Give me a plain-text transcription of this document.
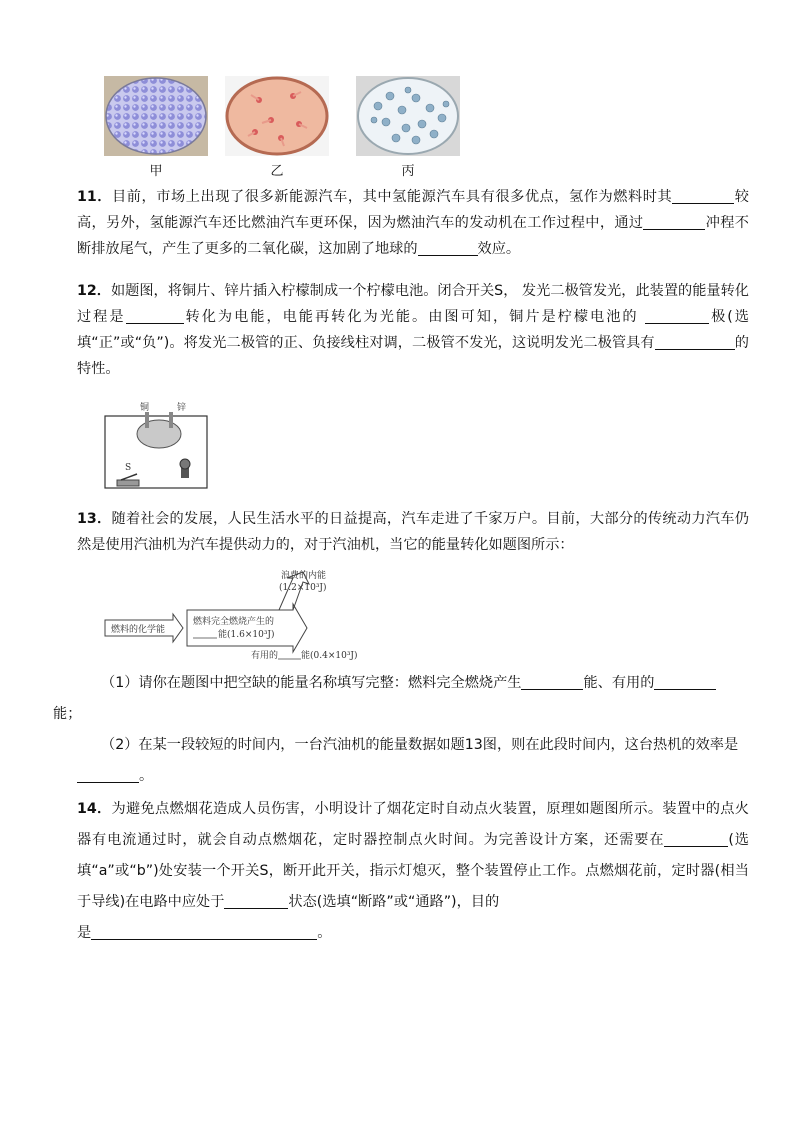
甲	乙	丙
11．目前，市场上出现了很多新能源汽车，其中氢能源汽车具有很多优点，氢作为燃料时其	较高，另外，氢能源汽车还比燃油汽车更环保，因为燃油汽车的发动机在工作过程中，通过	冲程不断排放尾气，产生了更多的二氧化碳，这加剧了地球的	效应。
12．如题图，将铜片、锌片插入柠檬制成一个柠檬电池。闭合开关S， 发光二极管发光，此装置的能量转化过程是	转化为电能，电能再转化为光能。由图可知，铜片是柠檬电池的	极(选填“正”或“负”)。将发光二极管的正、负接线柱对调，二极管不发光，这说明发光二极管具有	的特性。
铜	锌
S
13．随着社会的发展，人民生活水平的日益提高，汽车走进了千家万户。目前，大部分的传统动力汽车仍然是使用汽油机为汽车提供动力的，对于汽油机，当它的能量转化如题图所示：
燃料的化学能
燃料完全燃烧产生的
能(1.6×10³J)
浪费的内能
(1.2×10³J)
有用的	能(0.4×10³J)
（1）请你在题图中把空缺的能量名称填写完整：燃料完全燃烧产生	能、有用的
能；
（2）在某一段较短的时间内，一台汽油机的能量数据如题13图，则在此段时间内，这台热机的效率是。
14．为避免点燃烟花造成人员伤害，小明设计了烟花定时自动点火装置，原理如题图所示。装置中的点火器有电流通过时，就会自动点燃烟花，定时器控制点火时间。为完善设计方案，还需要在	(选填“a”或“b”)处安装一个开关S，断开此开关，指示灯熄灭，整个装置停止工作。点燃烟花前，定时器(相当于导线)在电路中应处于	状态(选填“断路”或“通路”)，目的
是	。
